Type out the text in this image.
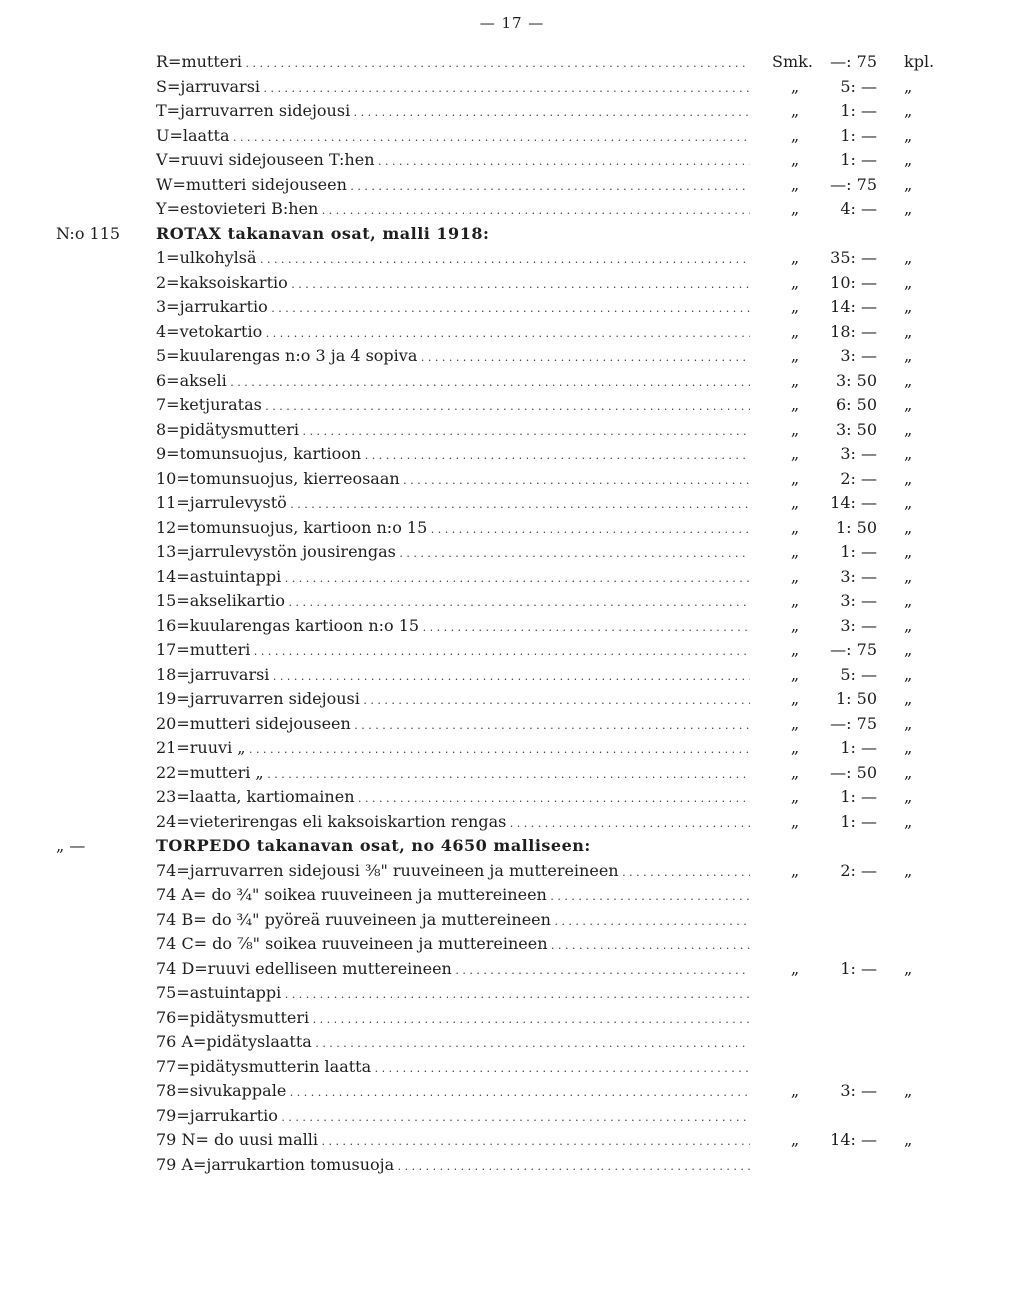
— 17 —
R=mutteri . . .	Smk.	—: 75 kpl.
S=jarruvarsi . . .	„	5: — „
T=jarruvarren sidejousi . . .	„	1: — „
U=laatta . . .	„	1: — „
V=ruuvi sidejouseen T:hen . . .	„	1: — „
W=mutteri sidejouseen . . .	„	—: 75 „
Y=estovieteri B:hen . . .	„	4: — „
N:o 115 ROTAX takanavan osat, malli 1918:
1=ulkohylsä . . .	„	35: — „
2=kaksoiskartio . . .	„	10: — „
3=jarrukartio . . .	„	14: — „
4=vetokartio . . .	„	18: — „
5=kuularengas n:o 3 ja 4 sopiva . . .	„	3: — „
6=akseli . . .	„	3: 50 „
7=ketjuratas . . .	„	6: 50 „
8=pidätysmutteri . . .	„	3: 50 „
9=tomunsuojus, kartioon . . .	„	3: — „
10=tomunsuojus, kierreosaan . . .	„	2: — „
11=jarrulevystö . . .	„	14: — „
12=tomunsuojus, kartioon n:o 15 . . .	„	1: 50 „
13=jarrulevystön jousirengas . . .	„	1: — „
14=astuintappi . . .	„	3: — „
15=akselikartio . . .	„	3: — „
16=kuularengas kartioon n:o 15 . . .	„	3: — „
17=mutteri . . .	„	—: 75 „
18=jarruvarsi . . .	„	5: — „
19=jarruvarren sidejousi . . .	„	1: 50 „
20=mutteri sidejouseen . . .	„	—: 75 „
21=ruuvi „ . . .	„	1: — „
22=mutteri „ . . .	„	—: 50 „
23=laatta, kartiomainen . . .	„	1: — „
24=vieterirengas eli kaksoiskartion rengas . . .	„	1: — „
„ —	TORPEDO takanavan osat, no 4650 malliseen:
74=jarruvarren sidejousi ⅜" ruuveineen ja muttereineen . . .	„	2: — „
74 A= do ¾" soikea ruuveineen ja muttereineen . . .
74 B= do ¾" pyöreä ruuveineen ja muttereineen . . .
74 C= do ⅞" soikea ruuveineen ja muttereineen . . .
74 D=ruuvi edelliseen muttereineen . . .	„	1: — „
75=astuintappi . . .
76=pidätysmutteri . . .
76 A=pidätyslaatta . . .
77=pidätysmutterin laatta . . .
78=sivukappale . . .	„	3: — „
79=jarrukartio . . .
79 N= do uusi malli . . .	„	14: — „
79 A=jarrukartion tomusuoja . . .
